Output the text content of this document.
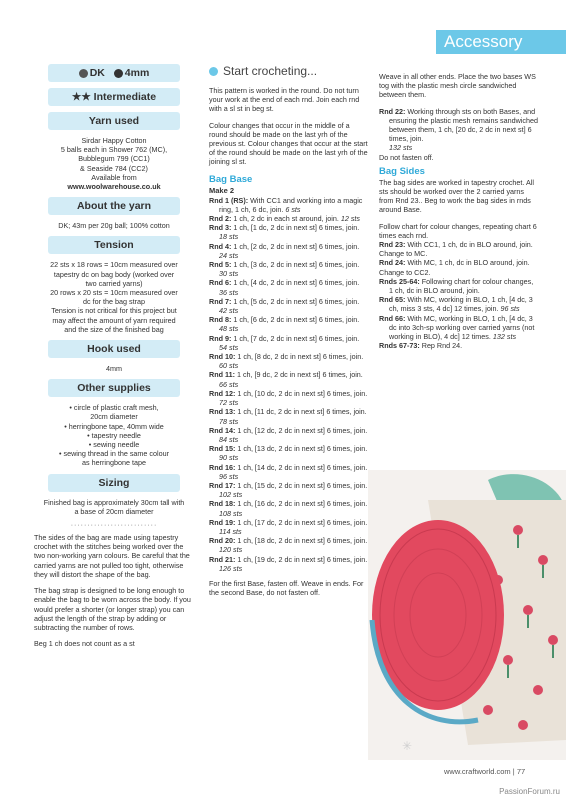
Accessory
DK 4mm
★★ Intermediate
Yarn used
Sirdar Happy Cotton
5 balls each in Shower 762 (MC),
Bubblegum 799 (CC1)
& Seaside 784 (CC2)
Available from
www.woolwarehouse.co.uk
About the yarn
DK; 43m per 20g ball; 100% cotton
Tension
22 sts x 18 rows = 10cm measured over
tapestry dc on bag body (worked over
two carried yarns)
20 rows x 20 sts = 10cm measured over
dc for the bag strap
Tension is not critical for this project but
may affect the amount of yarn required
and the size of the finished bag
Hook used
4mm
Other supplies
• circle of plastic craft mesh,
20cm diameter
• herringbone tape, 40mm wide
• tapestry needle
• sewing needle
• sewing thread in the same colour
as herringbone tape
Sizing
Finished bag is approximately 30cm tall with
a base of 20cm diameter
··························

The sides of the bag are made using tapestry crochet with the stitches being worked over the two non-working yarn colours. Be careful that the carried yarns are not pulled too tight, otherwise they will distort the shape of the bag.

The bag strap is designed to be long enough to enable the bag to be worn across the body. If you would prefer a shorter (or longer strap) you can adjust the length of the strap by adding or subtracting the number of rows.

Beg 1 ch does not count as a st

Start crocheting...

This pattern is worked in the round. Do not turn your work at the end of each rnd. Join each rnd with a sl st in beg st.

Colour changes that occur in the middle of a round should be made on the last yrh of the previous st. Colour changes that occur at the start of the round should be made on the last yrh of the joining sl st.

Bag Base
Make 2

Rnd 1 (RS): With CC1 and working into a magic ring, 1 ch, 6 dc, join. 6 sts

Rnd 2: 1 ch, 2 dc in each st around, join. 12 sts

Rnd 3: 1 ch, [1 dc, 2 dc in next st] 6 times, join. 18 sts

Rnd 4: 1 ch, [2 dc, 2 dc in next st] 6 times, join. 24 sts

Rnd 5: 1 ch, [3 dc, 2 dc in next st] 6 times, join. 30 sts

Rnd 6: 1 ch, [4 dc, 2 dc in next st] 6 times, join. 36 sts

Rnd 7: 1 ch, [5 dc, 2 dc in next st] 6 times, join. 42 sts

Rnd 8: 1 ch, [6 dc, 2 dc in next st] 6 times, join. 48 sts

Rnd 9: 1 ch, [7 dc, 2 dc in next st] 6 times, join. 54 sts

Rnd 10: 1 ch, [8 dc, 2 dc in next st] 6 times, join. 60 sts

Rnd 11: 1 ch, [9 dc, 2 dc in next st] 6 times, join. 66 sts

Rnd 12: 1 ch, [10 dc, 2 dc in next st] 6 times, join. 72 sts

Rnd 13: 1 ch, [11 dc, 2 dc in next st] 6 times, join. 78 sts

Rnd 14: 1 ch, [12 dc, 2 dc in next st] 6 times, join. 84 sts

Rnd 15: 1 ch, [13 dc, 2 dc in next st] 6 times, join. 90 sts

Rnd 16: 1 ch, [14 dc, 2 dc in next st] 6 times, join. 96 sts

Rnd 17: 1 ch, [15 dc, 2 dc in next st] 6 times, join. 102 sts

Rnd 18: 1 ch, [16 dc, 2 dc in next st] 6 times, join. 108 sts

Rnd 19: 1 ch, [17 dc, 2 dc in next st] 6 times, join. 114 sts

Rnd 20: 1 ch, [18 dc, 2 dc in next st] 6 times, join. 120 sts

Rnd 21: 1 ch, [19 dc, 2 dc in next st] 6 times, join. 126 sts

For the first Base, fasten off. Weave in ends. For the second Base, do not fasten off.

Weave in all other ends. Place the two bases WS tog with the plastic mesh circle sandwiched between them.

Rnd 22: Working through sts on both Bases, and ensuring the plastic mesh remains sandwiched between them, 1 ch, [20 dc, 2 dc in next st] 6 times, join.
132 sts

Do not fasten off.

Bag Sides

The bag sides are worked in tapestry crochet. All sts should be worked over the 2 carried yarns from Rnd 23.. Beg to work the bag sides in rnds around Base.

Follow chart for colour changes, repeating chart 6 times each rnd.

Rnd 23: With CC1, 1 ch, dc in BLO around, join.

Change to MC.

Rnd 24: With MC, 1 ch, dc in BLO around, join.

Change to CC2.

Rnds 25-64: Following chart for colour changes, 1 ch, dc in BLO around, join.

Rnd 65: With MC, working in BLO, 1 ch, [4 dc, 3 ch, miss 3 sts, 4 dc] 12 times, join. 96 sts

Rnd 66: With MC, working in BLO, 1 ch, [4 dc, 3 dc into 3ch-sp working over carried yarns (not working in BLO), 4 dc] 12 times. 132 sts

Rnds 67-73: Rep Rnd 24.

✳
www.craftworld.com | 77
PassionForum.ru
